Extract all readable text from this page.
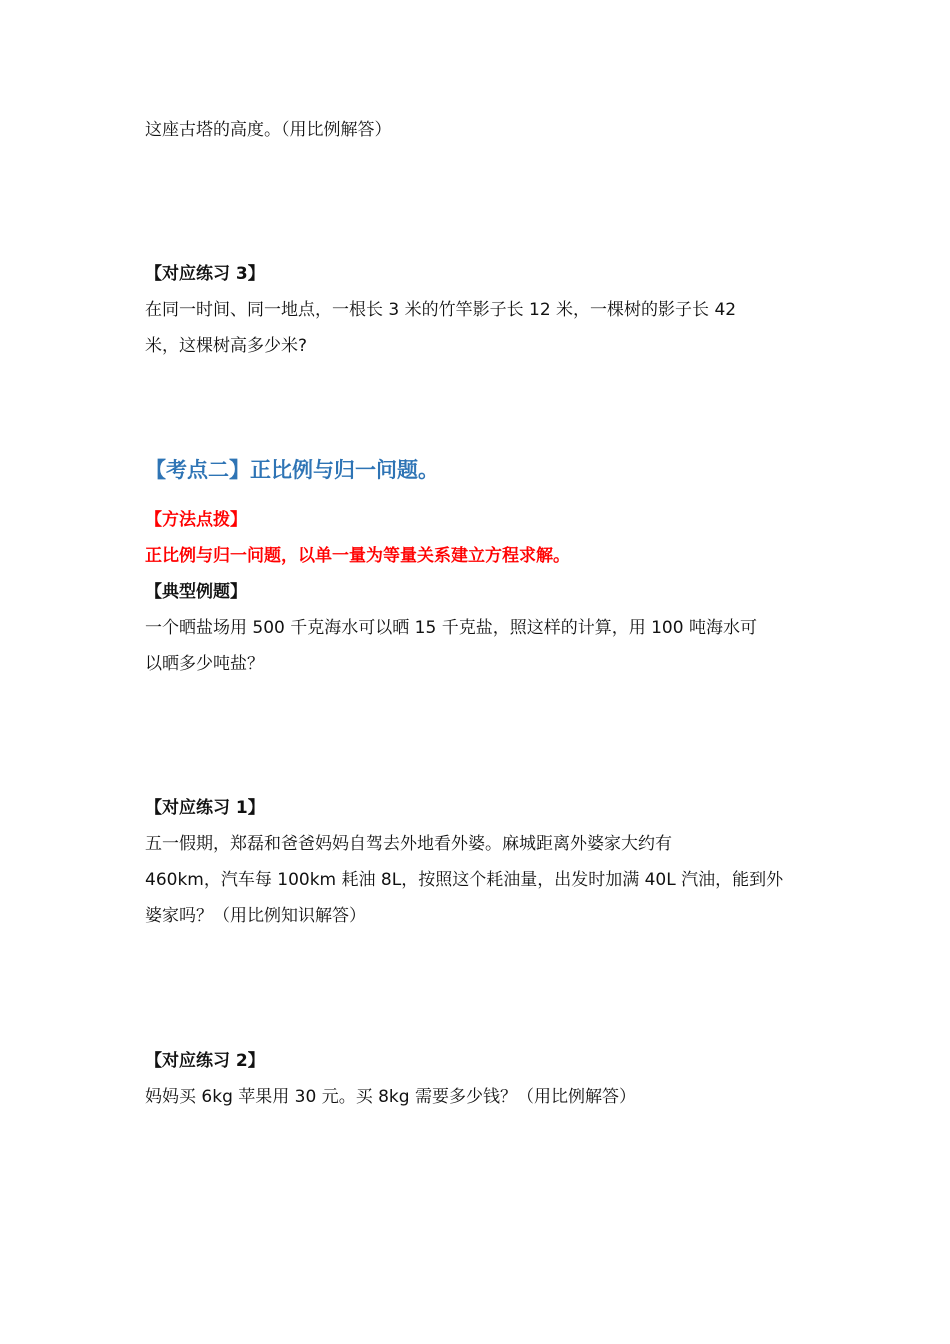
这座古塔的高度。（用比例解答）
【对应练习 3】
在同一时间、同一地点，一根长 3 米的竹竿影子长 12 米，一棵树的影子长 42
米，这棵树高多少米?
【考点二】正比例与归一问题。
【方法点拨】
正比例与归一问题，以单一量为等量关系建立方程求解。
【典型例题】
一个晒盐场用 500 千克海水可以晒 15 千克盐，照这样的计算，用 100 吨海水可
以晒多少吨盐？
【对应练习 1】
五一假期，郑磊和爸爸妈妈自驾去外地看外婆。麻城距离外婆家大约有
460km，汽车每 100km 耗油 8L，按照这个耗油量，出发时加满 40L 汽油，能到外
婆家吗？（用比例知识解答）
【对应练习 2】
妈妈买 6kg 苹果用 30 元。买 8kg 需要多少钱？（用比例解答）
